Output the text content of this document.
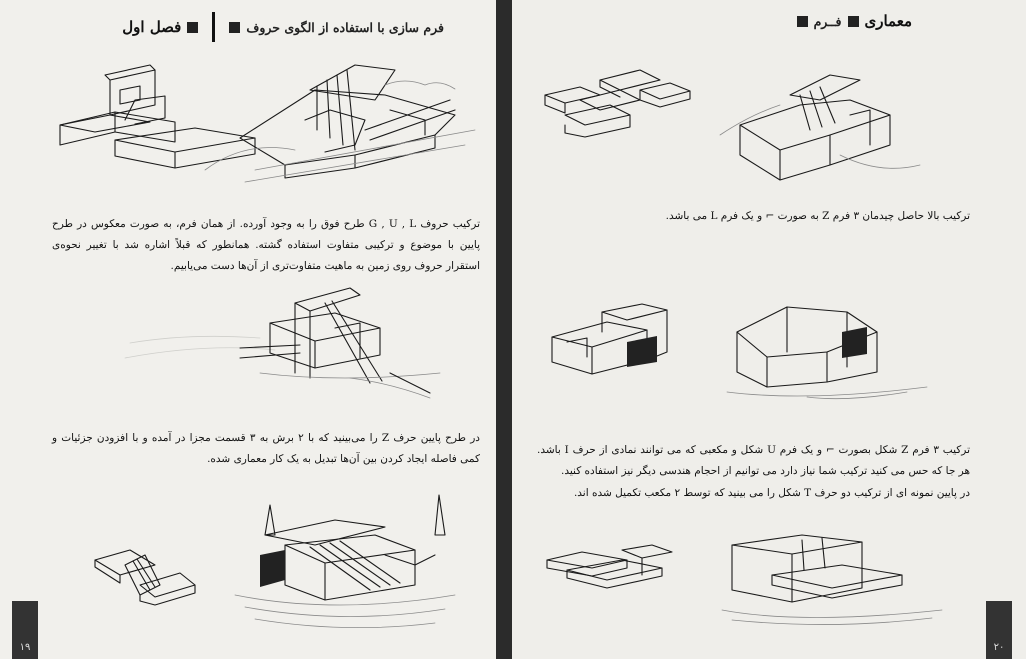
فرم سازی با استفاده از الگوی حروف
فصل اول
ترکیب حروف G , U , L طرح فوق را به وجود آورده. از همان فرم، به صورت معکوس در طرح پایین با موضوع و ترکیبی متفاوت استفاده گشته. همانطور که قبلاً اشاره شد با تغییر نحوه‌ی استقرار حروف روی زمین به ماهیت متفاوت‌تری از آن‌ها دست می‌یابیم.
در طرح پایین حرف Z را می‌بینید که با ۲ برش به ۳ قسمت مجزا در آمده و با افزودن جزئیات و کمی فاصله ایجاد کردن بین آن‌ها تبدیل به یک کار معماری شده.
۱۹
معماری
فــرم
ترکیب بالا حاصل چیدمان ۳ فرم Z به صورت ⌐ و یک فرم L می باشد.
ترکیب ۳ فرم Z شکل بصورت ⌐ و یک فرم U شکل و مکعبی که می توانند نمادی از حرف I باشد. هر جا که حس می کنید ترکیب شما نیاز دارد می توانیم از احجام هندسی دیگر نیز استفاده کنید.
در پایین نمونه ای از ترکیب دو حرف T شکل را می بینید که توسط ۲ مکعب تکمیل شده اند.
۲۰
